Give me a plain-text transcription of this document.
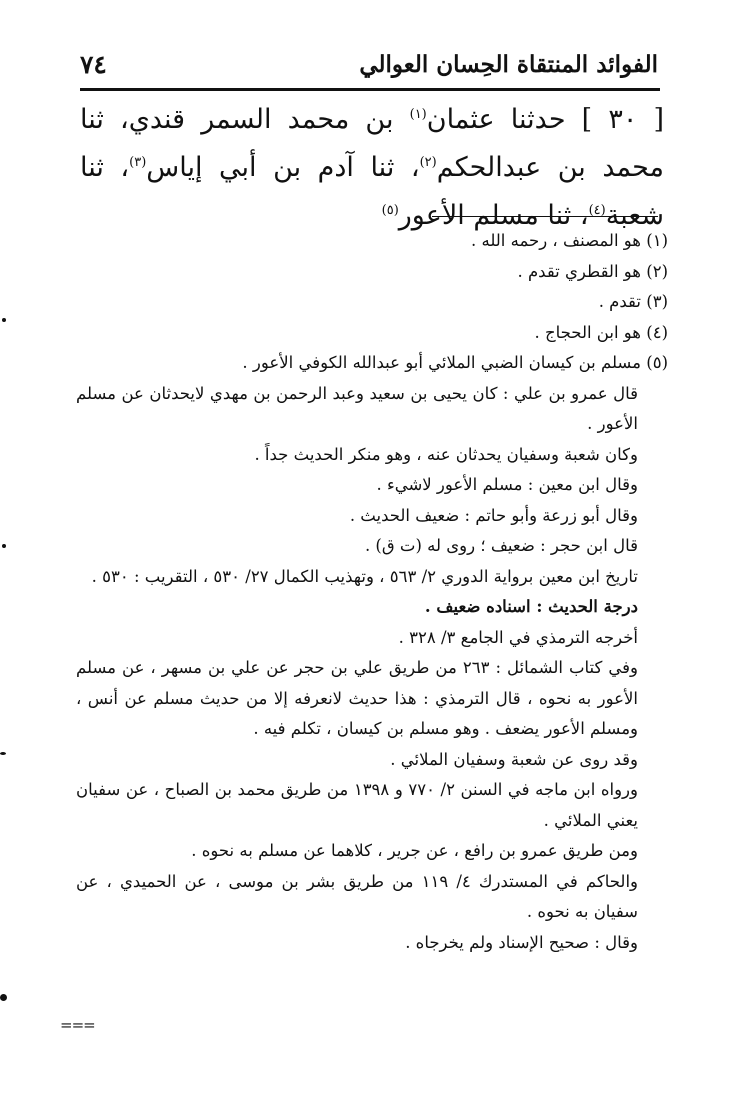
الفوائد المنتقاة الحِسان العوالي
٧٤

[ ٣٠ ] حدثنا عثمان$^{(١)}$ بن محمد السمر قندي، ثنا محمد بن عبدالحكم$^{(٢)}$، ثنا آدم بن أبي إياس$^{(٣)}$، ثنا شعبة$^{(٤)}$، ثنا مسلم الأعور$^{(٥)}$

(١) هو المصنف ، رحمه الله .

(٢) هو القطري تقدم .

(٣) تقدم .

(٤) هو ابن الحجاج .

(٥) مسلم بن كيسان الضبي الملائي أبو عبدالله الكوفي الأعور .

قال عمرو بن علي : كان يحيى بن سعيد وعبد الرحمن بن مهدي لايحدثان عن مسلم الأعور .

وكان شعبة وسفيان يحدثان عنه ، وهو منكر الحديث جداً .

وقال ابن معين : مسلم الأعور لاشيء .

وقال أبو زرعة وأبو حاتم : ضعيف الحديث .

قال ابن حجر : ضعيف ؛ روى له (ت ق) .

تاريخ ابن معين برواية الدوري ٢/ ٥٦٣ ، وتهذيب الكمال ٢٧/ ٥٣٠ ، التقريب : ٥٣٠ .

درجة الحديث : اسناده ضعيف .

أخرجه الترمذي في الجامع ٣/ ٣٢٨ .

وفي كتاب الشمائل : ٢٦٣ من طريق علي بن حجر عن علي بن مسهر ، عن مسلم الأعور به نحوه ، قال الترمذي : هذا حديث لانعرفه إلا من حديث مسلم عن أنس ، ومسلم الأعور يضعف . وهو مسلم بن كيسان ، تكلم فيه .

وقد روى عن شعبة وسفيان الملائي .

ورواه ابن ماجه في السنن ٢/ ٧٧٠ و ١٣٩٨ من طريق محمد بن الصباح ، عن سفيان يعني الملائي .

ومن طريق عمرو بن رافع ، عن جرير ، كلاهما عن مسلم به نحوه .

والحاكم في المستدرك ٤/ ١١٩ من طريق بشر بن موسى ، عن الحميدي ، عن سفيان به نحوه .

وقال : صحيح الإسناد ولم يخرجاه .

===
